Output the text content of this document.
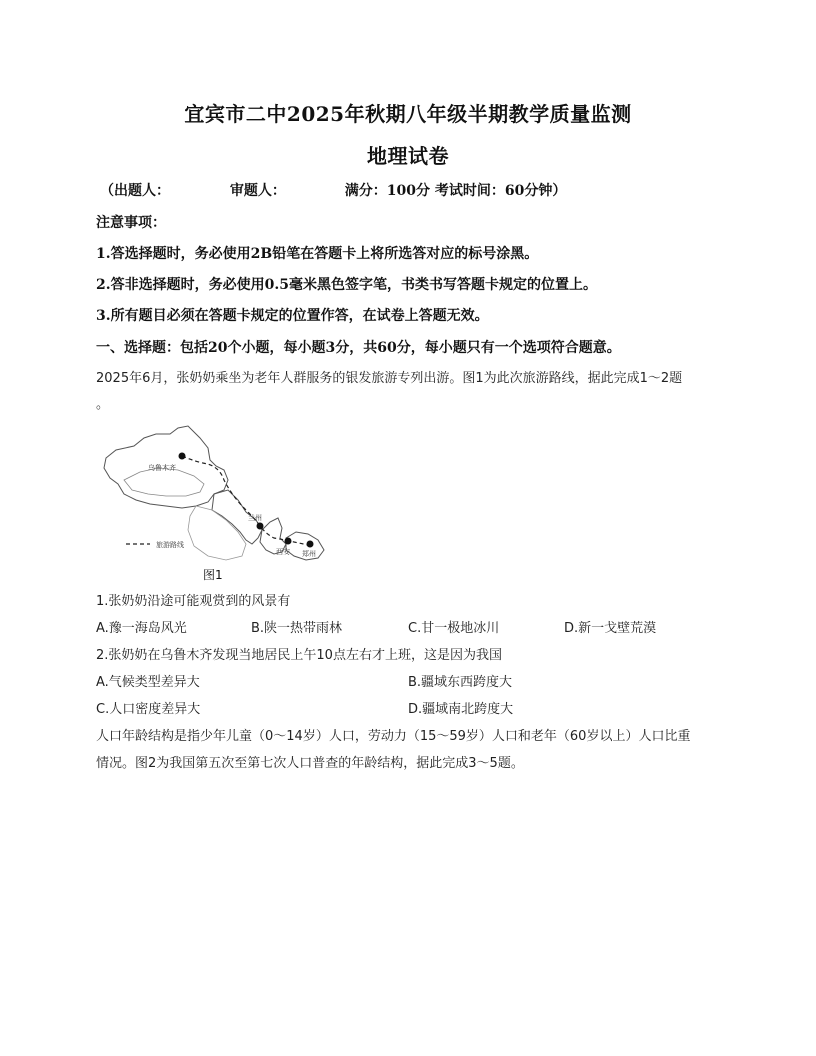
宜宾市二中2025年秋期八年级半期教学质量监测
地理试卷
（出题人：	审题人：	满分：100分 考试时间：60分钟）
注意事项：
1.答选择题时，务必使用2B铅笔在答题卡上将所选答对应的标号涂黑。
2.答非选择题时，务必使用0.5毫米黑色签字笔，书类书写答题卡规定的位置上。
3.所有题目必须在答题卡规定的位置作答，在试卷上答题无效。
一、选择题：包括20个小题，每小题3分，共60分，每小题只有一个选项符合题意。
2025年6月，张奶奶乘坐为老年人群服务的银发旅游专列出游。图1为此次旅游路线，据此完成1～2题
。
乌鲁木齐
兰州
西安 郑州
旅游路线
图1
1.张奶奶沿途可能观赏到的风景有
A.豫一海岛风光	B.陕一热带雨林	C.甘一极地冰川	D.新一戈壁荒漠
2.张奶奶在乌鲁木齐发现当地居民上午10点左右才上班，这是因为我国
A.气候类型差异大	B.疆域东西跨度大
C.人口密度差异大	D.疆域南北跨度大
人口年龄结构是指少年儿童（0～14岁）人口，劳动力（15～59岁）人口和老年（60岁以上）人口比重
情况。图2为我国第五次至第七次人口普查的年龄结构，据此完成3～5题。
